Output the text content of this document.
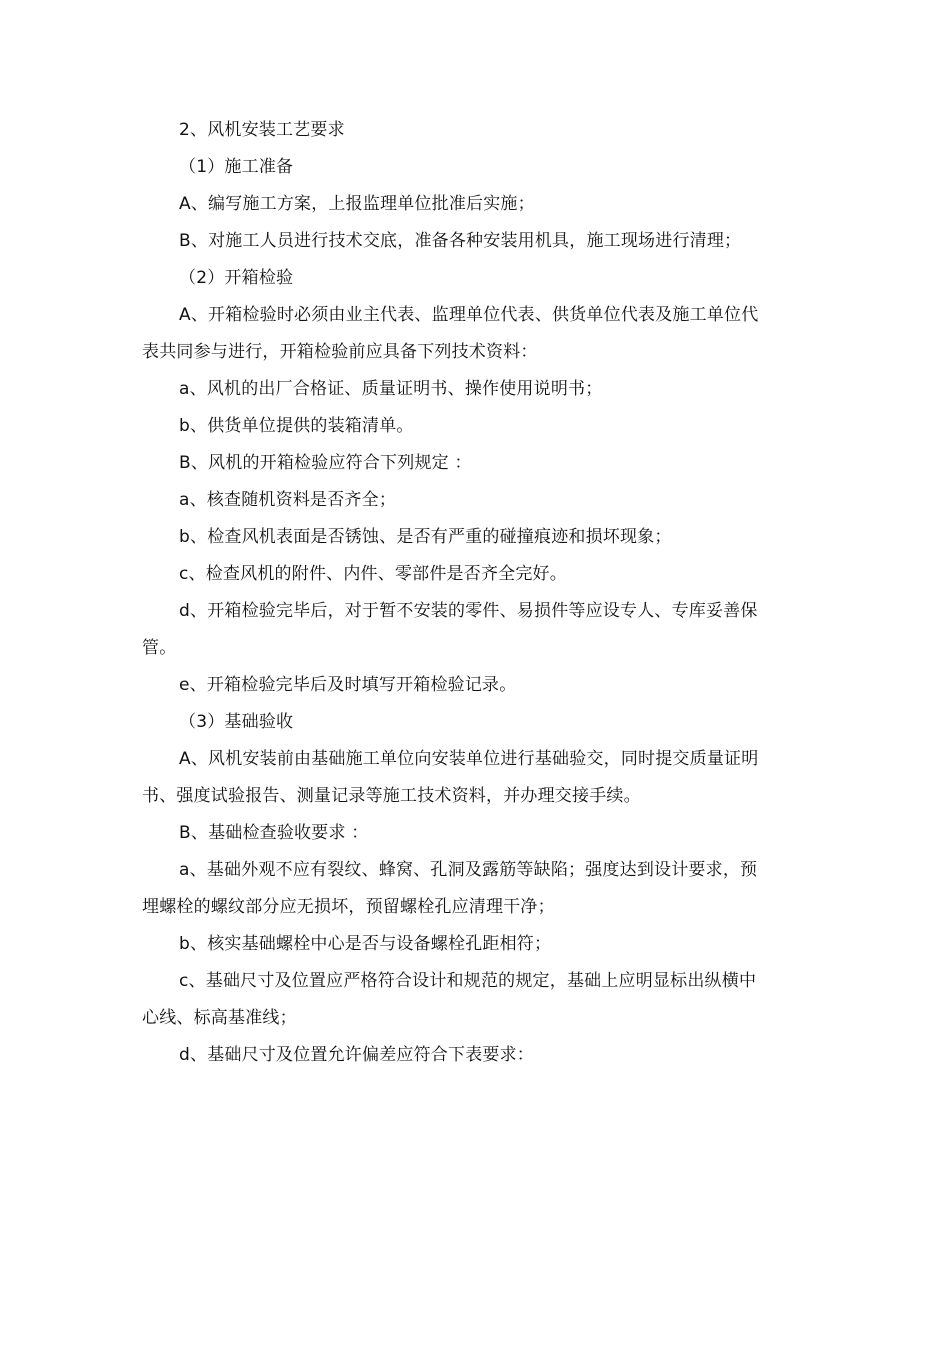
2、风机安装工艺要求

（1）施工准备

A、编写施工方案，上报监理单位批准后实施；

B、对施工人员进行技术交底，准备各种安装用机具，施工现场进行清理；

（2）开箱检验

A、开箱检验时必须由业主代表、监理单位代表、供货单位代表及施工单位代表共同参与进行，开箱检验前应具备下列技术资料：

a、风机的出厂合格证、质量证明书、操作使用说明书；

b、供货单位提供的装箱清单。

B、风机的开箱检验应符合下列规定 ：

a、核查随机资料是否齐全；

b、检查风机表面是否锈蚀、是否有严重的碰撞痕迹和损坏现象；

c、检查风机的附件、内件、零部件是否齐全完好。

d、开箱检验完毕后，对于暂不安装的零件、易损件等应设专人、专库妥善保管。

e、开箱检验完毕后及时填写开箱检验记录。

（3）基础验收

A、风机安装前由基础施工单位向安装单位进行基础验交，同时提交质量证明书、强度试验报告、测量记录等施工技术资料，并办理交接手续。

B、基础检查验收要求 ：

a、基础外观不应有裂纹、蜂窝、孔洞及露筋等缺陷；强度达到设计要求，预埋螺栓的螺纹部分应无损坏，预留螺栓孔应清理干净；

b、核实基础螺栓中心是否与设备螺栓孔距相符；

c、基础尺寸及位置应严格符合设计和规范的规定，基础上应明显标出纵横中心线、标高基准线；

d、基础尺寸及位置允许偏差应符合下表要求：
